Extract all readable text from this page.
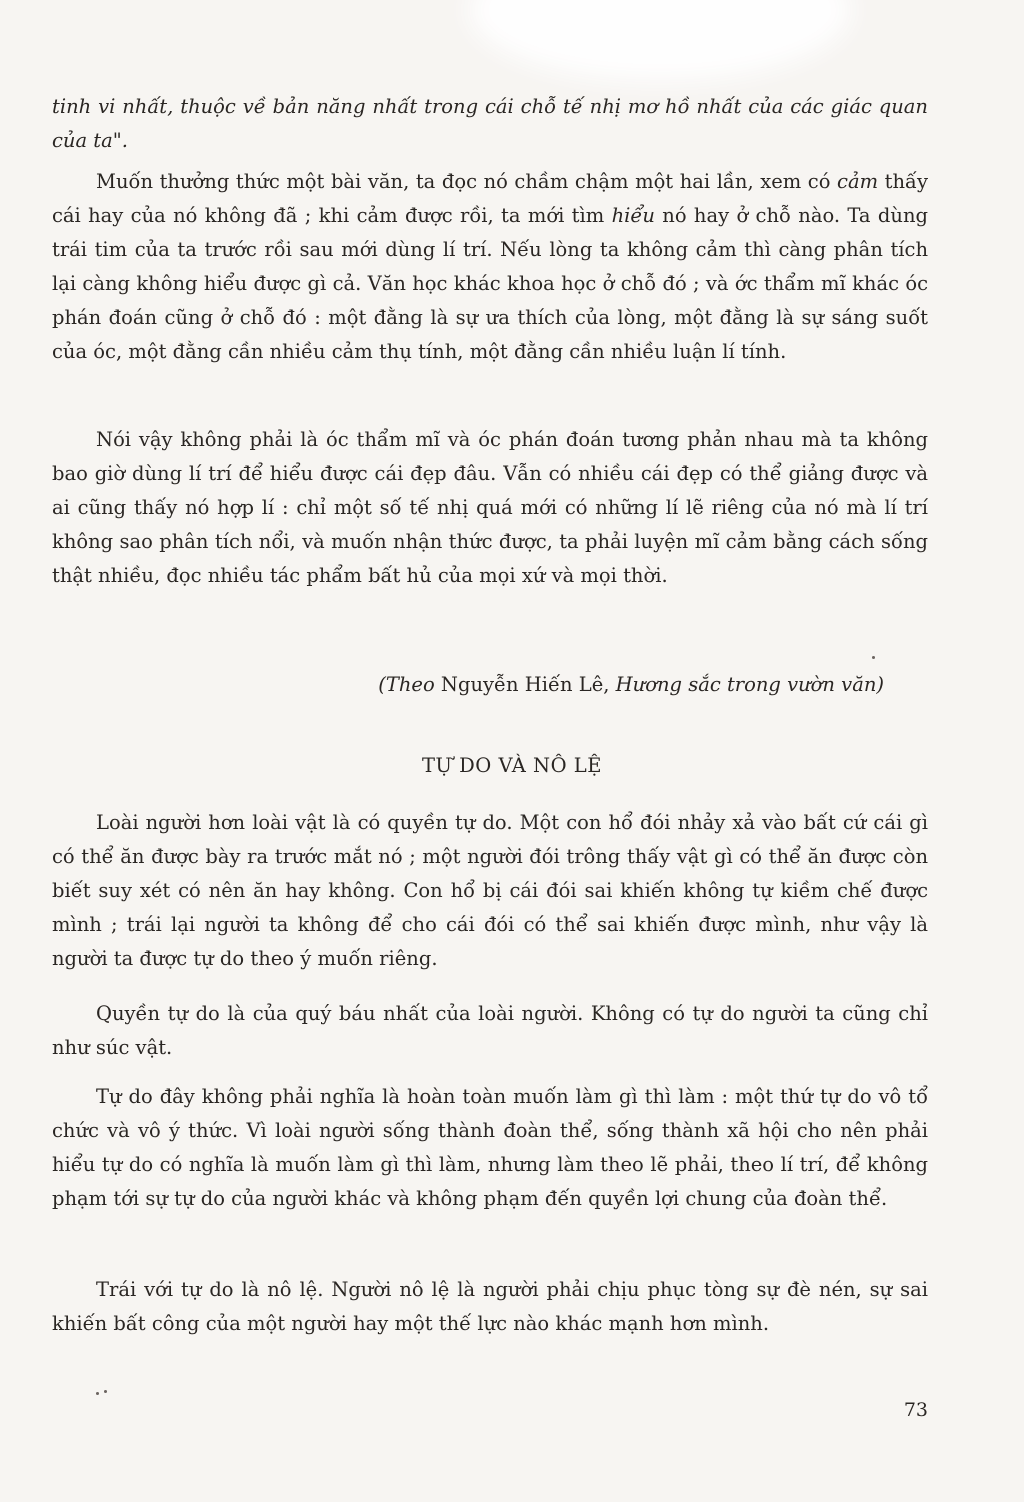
tinh vi nhất, thuộc về bản năng nhất trong cái chỗ tế nhị mơ hồ nhất của các giác quan của ta".

Muốn thưởng thức một bài văn, ta đọc nó chầm chậm một hai lần, xem có cảm thấy cái hay của nó không đã ; khi cảm được rồi, ta mới tìm hiểu nó hay ở chỗ nào. Ta dùng trái tim của ta trước rồi sau mới dùng lí trí. Nếu lòng ta không cảm thì càng phân tích lại càng không hiểu được gì cả. Văn học khác khoa học ở chỗ đó ; và ớc thẩm mĩ khác óc phán đoán cũng ở chỗ đó : một đằng là sự ưa thích của lòng, một đằng là sự sáng suốt của óc, một đằng cần nhiều cảm thụ tính, một đằng cần nhiều luận lí tính.

Nói vậy không phải là óc thẩm mĩ và óc phán đoán tương phản nhau mà ta không bao giờ dùng lí trí để hiểu được cái đẹp đâu. Vẫn có nhiều cái đẹp có thể giảng được và ai cũng thấy nó hợp lí : chỉ một số tế nhị quá mới có những lí lẽ riêng của nó mà lí trí không sao phân tích nổi, và muốn nhận thức được, ta phải luyện mĩ cảm bằng cách sống thật nhiều, đọc nhiều tác phẩm bất hủ của mọi xứ và mọi thời.

(Theo Nguyễn Hiến Lê, Hương sắc trong vườn văn)
TỰ DO VÀ NÔ LỆ

Loài người hơn loài vật là có quyền tự do. Một con hổ đói nhảy xả vào bất cứ cái gì có thể ăn được bày ra trước mắt nó ; một người đói trông thấy vật gì có thể ăn được còn biết suy xét có nên ăn hay không. Con hổ bị cái đói sai khiến không tự kiềm chế được mình ; trái lại người ta không để cho cái đói có thể sai khiến được mình, như vậy là người ta được tự do theo ý muốn riêng.

Quyền tự do là của quý báu nhất của loài người. Không có tự do người ta cũng chỉ như súc vật.

Tự do đây không phải nghĩa là hoàn toàn muốn làm gì thì làm : một thứ tự do vô tổ chức và vô ý thức. Vì loài người sống thành đoàn thể, sống thành xã hội cho nên phải hiểu tự do có nghĩa là muốn làm gì thì làm, nhưng làm theo lẽ phải, theo lí trí, để không phạm tới sự tự do của người khác và không phạm đến quyền lợi chung của đoàn thể.

Trái với tự do là nô lệ. Người nô lệ là người phải chịu phục tòng sự đè nén, sự sai khiến bất công của một người hay một thế lực nào khác mạnh hơn mình.

73
